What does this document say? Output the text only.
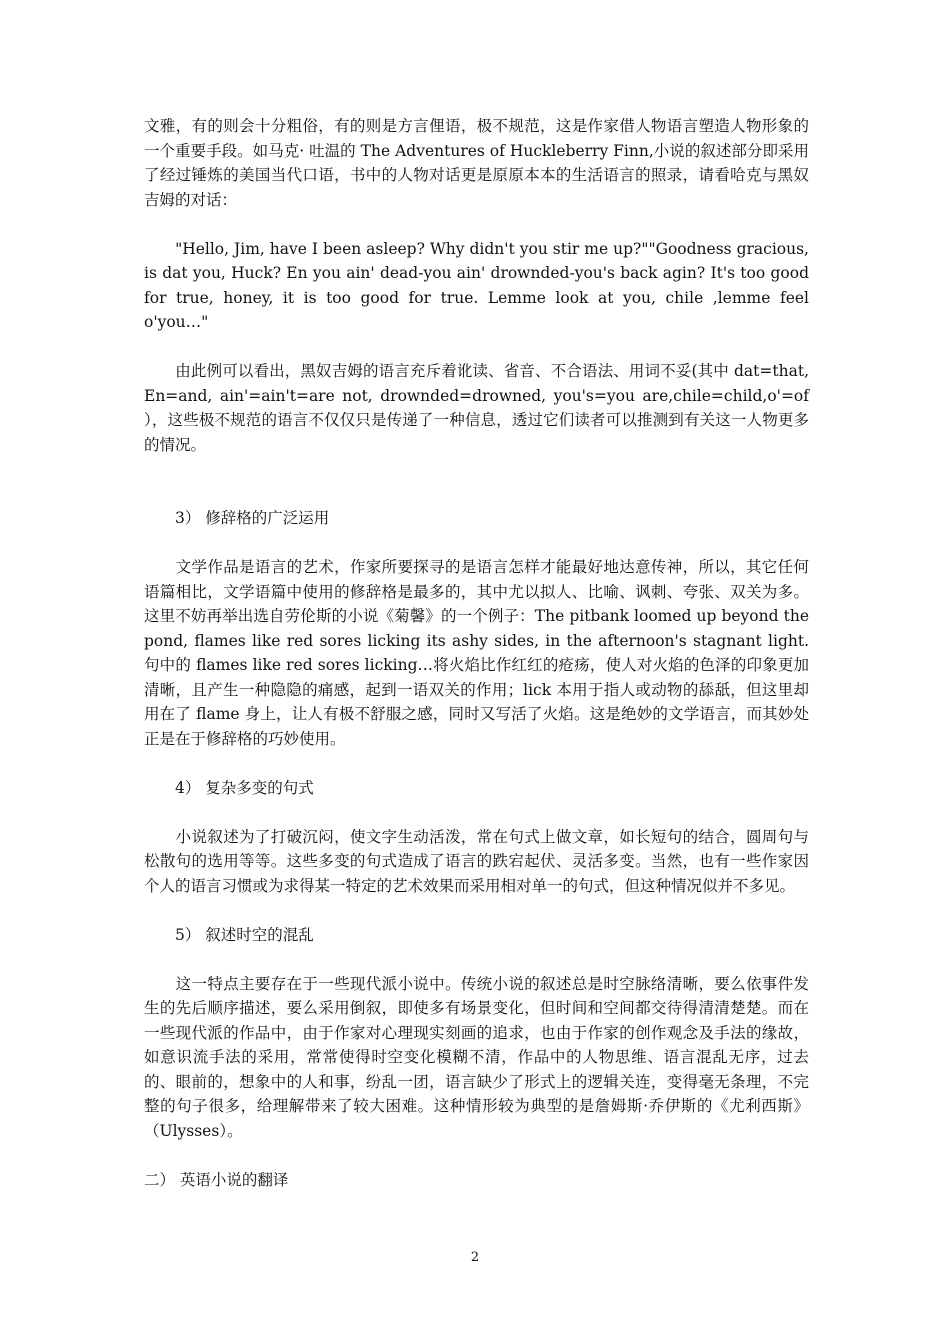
文雅，有的则会十分粗俗，有的则是方言俚语，极不规范，这是作家借人物语言塑造人物形象的一个重要手段。如马克· 吐温的 The Adventures of Huckleberry Finn,小说的叙述部分即采用了经过锤炼的美国当代口语，书中的人物对话更是原原本本的生活语言的照录，请看哈克与黑奴吉姆的对话：

　　"Hello, Jim, have I been asleep? Why didn't you stir me up?""Goodness gracious, is dat you, Huck? En you ain' dead-you ain' drownded-you's back agin? It's too good for true, honey, it is too good for true. Lemme look at you, chile ,lemme feel o'you…"

　　由此例可以看出，黑奴吉姆的语言充斥着讹读、省音、不合语法、用词不妥(其中 dat=that, En=and, ain'=ain't=are not, drownded=drowned, you's=you are,chile=child,o'=of ），这些极不规范的语言不仅仅只是传递了一种信息，透过它们读者可以推测到有关这一人物更多的情况。

　　3） 修辞格的广泛运用

　　文学作品是语言的艺术，作家所要探寻的是语言怎样才能最好地达意传神，所以，其它任何语篇相比，文学语篇中使用的修辞格是最多的，其中尤以拟人、比喻、讽刺、夸张、双关为多。这里不妨再举出选自劳伦斯的小说《菊馨》的一个例子：The pitbank loomed up beyond the pond, flames like red sores licking its ashy sides, in the afternoon's stagnant light. 句中的 flames like red sores licking…将火焰比作红红的疮疡，使人对火焰的色泽的印象更加清晰，且产生一种隐隐的痛感，起到一语双关的作用；lick 本用于指人或动物的舔舐，但这里却用在了 flame 身上，让人有极不舒服之感，同时又写活了火焰。这是绝妙的文学语言，而其妙处正是在于修辞格的巧妙使用。

　　4） 复杂多变的句式

　　小说叙述为了打破沉闷，使文字生动活泼，常在句式上做文章，如长短句的结合，圆周句与松散句的选用等等。这些多变的句式造成了语言的跌宕起伏、灵活多变。当然，也有一些作家因个人的语言习惯或为求得某一特定的艺术效果而采用相对单一的句式，但这种情况似并不多见。

　　5） 叙述时空的混乱

　　这一特点主要存在于一些现代派小说中。传统小说的叙述总是时空脉络清晰，要么依事件发生的先后顺序描述，要么采用倒叙，即使多有场景变化，但时间和空间都交待得清清楚楚。而在一些现代派的作品中，由于作家对心理现实刻画的追求，也由于作家的创作观念及手法的缘故，如意识流手法的采用，常常使得时空变化模糊不清，作品中的人物思维、语言混乱无序，过去的、眼前的，想象中的人和事，纷乱一团，语言缺少了形式上的逻辑关连，变得毫无条理，不完整的句子很多，给理解带来了较大困难。这种情形较为典型的是詹姆斯·乔伊斯的《尤利西斯》（Ulysses）。

二） 英语小说的翻译

2
